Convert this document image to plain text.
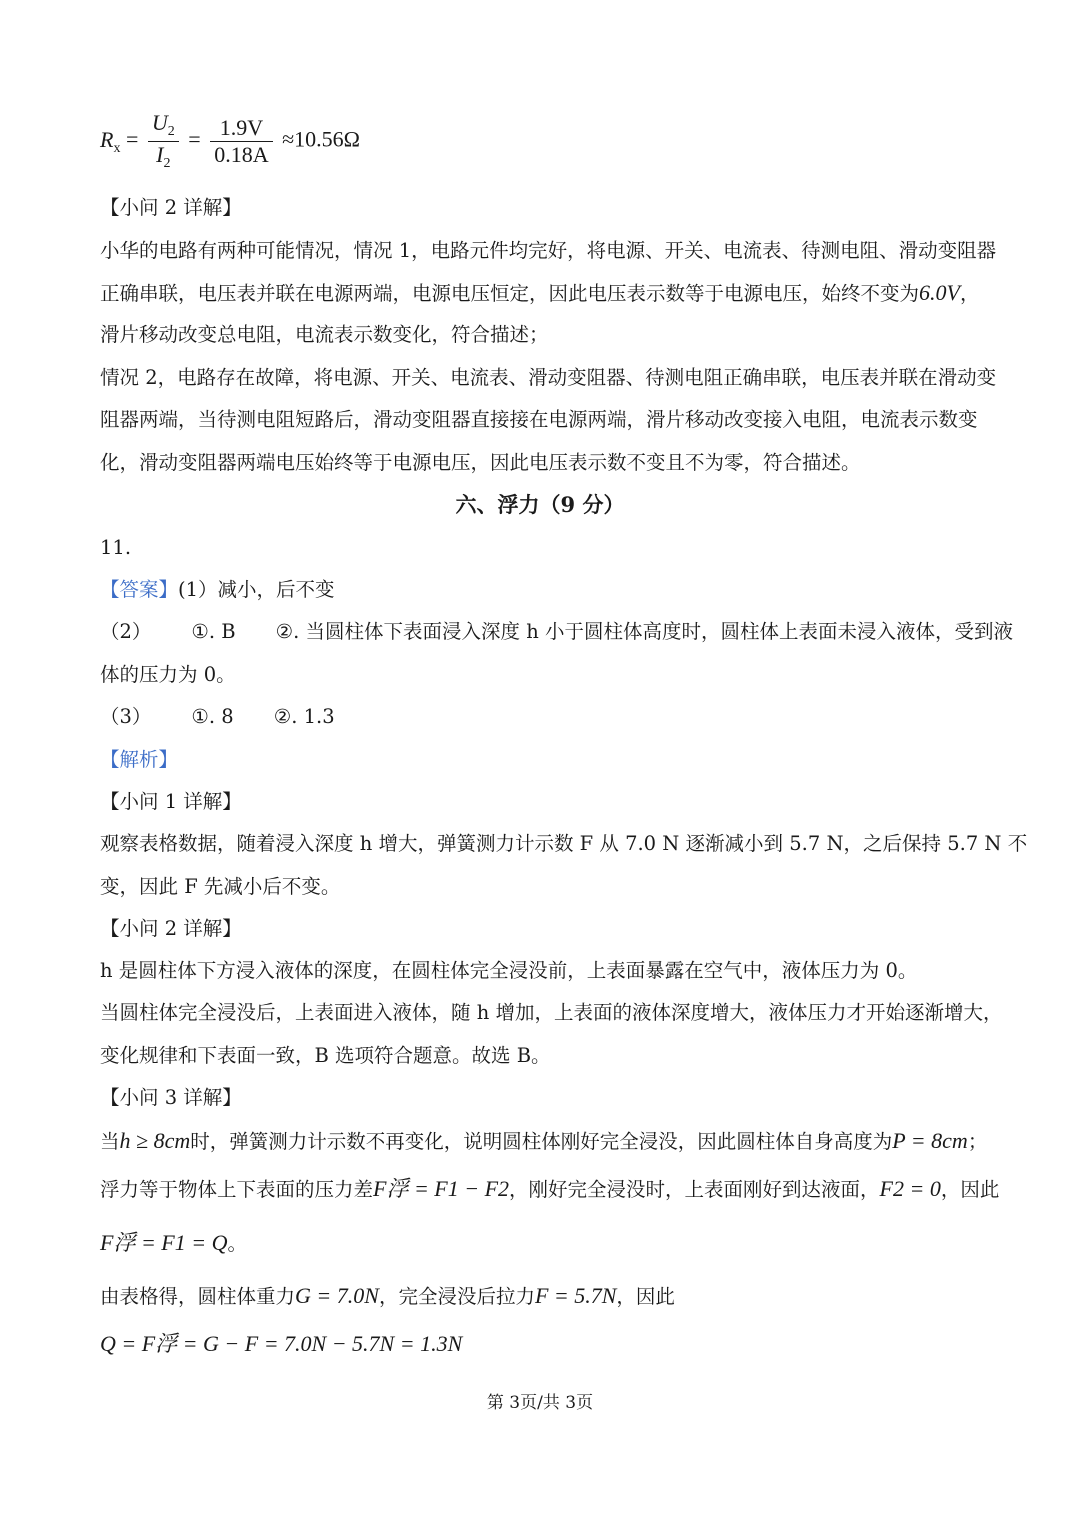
$R_x = \frac{U_2}{I_2} = \frac{1.9V}{0.18A} \approx 10.56\Omega$
【小问 2 详解】
小华的电路有两种可能情况，情况 1，电路元件均完好，将电源、开关、电流表、待测电阻、滑动变阻器
正确串联，电压表并联在电源两端，电源电压恒定，因此电压表示数等于电源电压，始终不变为6.0V，
滑片移动改变总电阻，电流表示数变化，符合描述；
情况 2，电路存在故障，将电源、开关、电流表、滑动变阻器、待测电阻正确串联，电压表并联在滑动变
阻器两端，当待测电阻短路后，滑动变阻器直接接在电源两端，滑片移动改变接入电阻，电流表示数变
化，滑动变阻器两端电压始终等于电源电压，因此电压表示数不变且不为零，符合描述。
六、浮力（9 分）
11.
【答案】(1）减小，后不变
（2） ①. B ②. 当圆柱体下表面浸入深度 h 小于圆柱体高度时，圆柱体上表面未浸入液体，受到液
体的压力为 0。
（3） ①. 8 ②. 1.3
【解析】
【小问 1 详解】
观察表格数据，随着浸入深度 h 增大，弹簧测力计示数 F 从 7.0 N 逐渐减小到 5.7 N，之后保持 5.7 N 不
变，因此 F 先减小后不变。
【小问 2 详解】
h 是圆柱体下方浸入液体的深度，在圆柱体完全浸没前，上表面暴露在空气中，液体压力为 0。
当圆柱体完全浸没后，上表面进入液体，随 h 增加，上表面的液体深度增大，液体压力才开始逐渐增大，
变化规律和下表面一致，B 选项符合题意。故选 B。
【小问 3 详解】
当h ≥ 8cm时，弹簧测力计示数不再变化，说明圆柱体刚好完全浸没，因此圆柱体自身高度为P = 8cm；
浮力等于物体上下表面的压力差F浮 = F1 − F2，刚好完全浸没时，上表面刚好到达液面，F2 = 0，因此
F浮 = F1 = Q。
由表格得，圆柱体重力G = 7.0N，完全浸没后拉力F = 5.7N，因此
Q = F浮 = G − F = 7.0N − 5.7N = 1.3N
第 3页/共 3页
